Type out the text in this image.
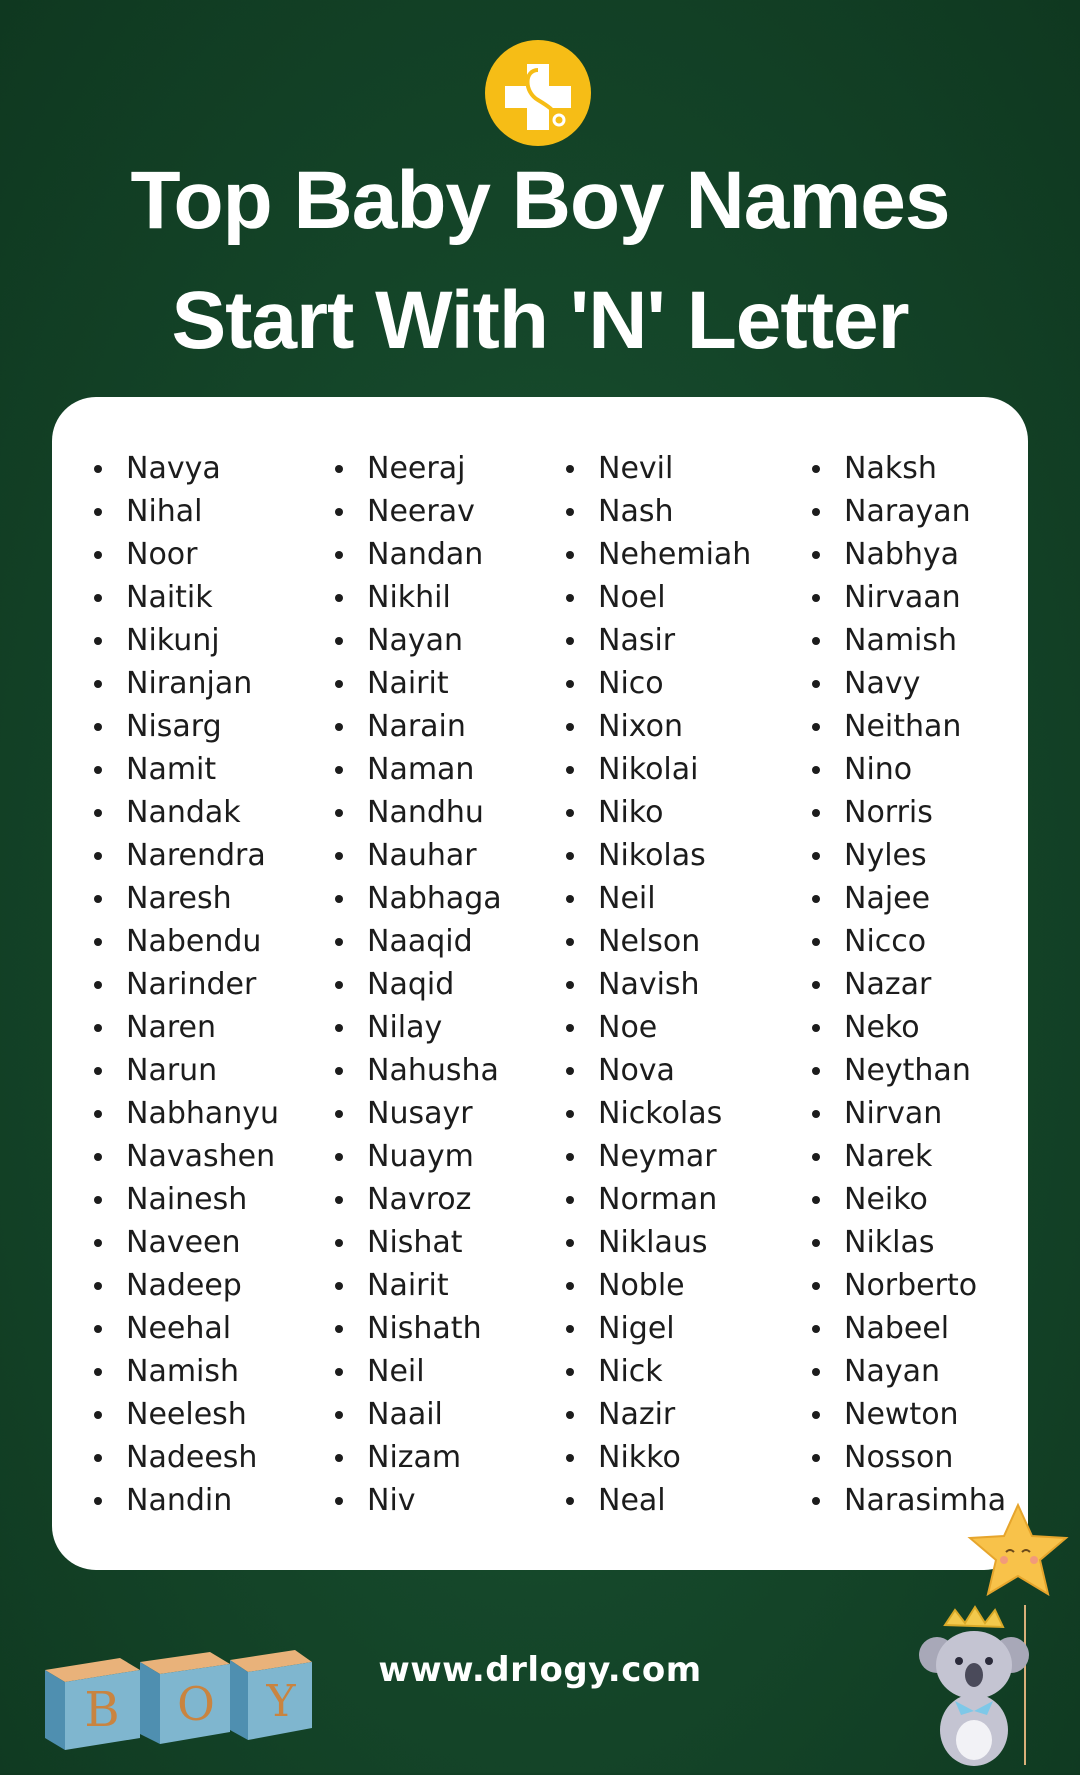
Top Baby Boy Names
Start With 'N' Letter
Navya
Nihal
Noor
Naitik
Nikunj
Niranjan
Nisarg
Namit
Nandak
Narendra
Naresh
Nabendu
Narinder
Naren
Narun
Nabhanyu
Navashen
Nainesh
Naveen
Nadeep
Neehal
Namish
Neelesh
Nadeesh
Nandin
Neeraj
Neerav
Nandan
Nikhil
Nayan
Nairit
Narain
Naman
Nandhu
Nauhar
Nabhaga
Naaqid
Naqid
Nilay
Nahusha
Nusayr
Nuaym
Navroz
Nishat
Nairit
Nishath
Neil
Naail
Nizam
Niv
Nevil
Nash
Nehemiah
Noel
Nasir
Nico
Nixon
Nikolai
Niko
Nikolas
Neil
Nelson
Navish
Noe
Nova
Nickolas
Neymar
Norman
Niklaus
Noble
Nigel
Nick
Nazir
Nikko
Neal
Naksh
Narayan
Nabhya
Nirvaan
Namish
Navy
Neithan
Nino
Norris
Nyles
Najee
Nicco
Nazar
Neko
Neythan
Nirvan
Narek
Neiko
Niklas
Norberto
Nabeel
Nayan
Newton
Nosson
Narasimha
www.drlogy.com
B O Y
